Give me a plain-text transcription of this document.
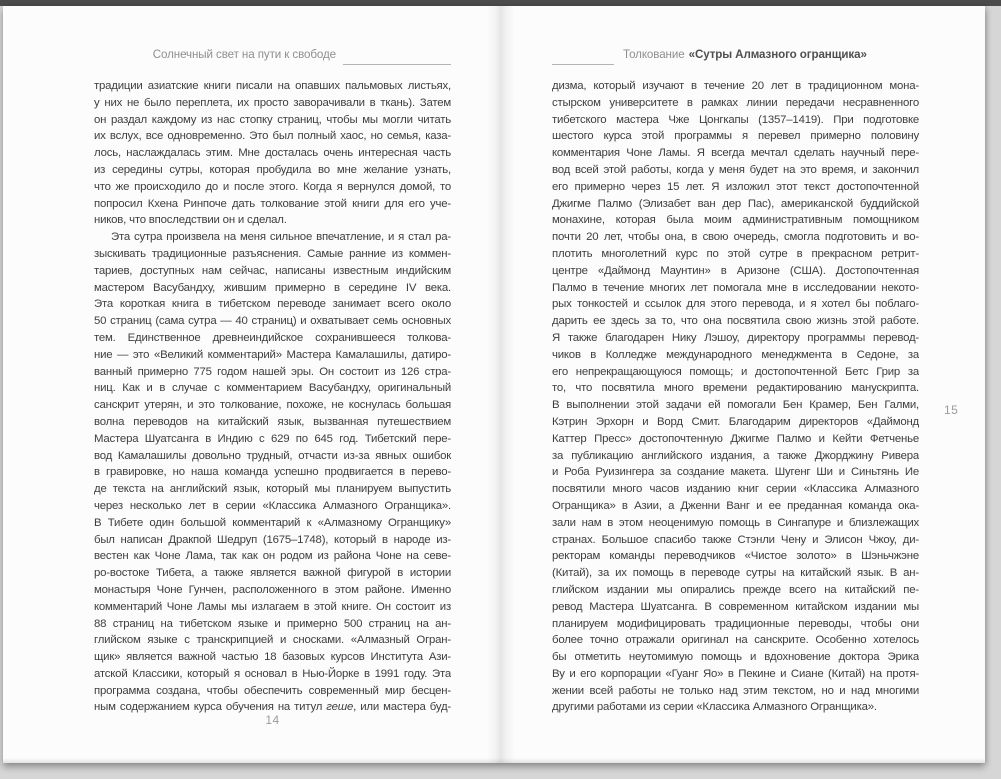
Солнечный свет на пути к свободе
традиции азиатские книги писали на опавших пальмовых листьях,
у них не было переплета, их просто заворачивали в ткань). Затем
он раздал каждому из нас стопку страниц, чтобы мы могли читать
их вслух, все одновременно. Это был полный хаос, но семья, каза-
лось, наслаждалась этим. Мне досталась очень интересная часть
из середины сутры, которая пробудила во мне желание узнать,
что же происходило до и после этого. Когда я вернулся домой, то
попросил Кхена Ринпоче дать толкование этой книги для его уче-
ников, что впоследствии он и сделал.
Эта сутра произвела на меня сильное впечатление, и я стал ра-
зыскивать традиционные разъяснения. Самые ранние из коммен-
тариев, доступных нам сейчас, написаны известным индийским
мастером Васубандху, жившим примерно в середине IV века.
Эта короткая книга в тибетском переводе занимает всего около
50 страниц (сама сутра — 40 страниц) и охватывает семь основных
тем. Единственное древнеиндийское сохранившееся толкова-
ние — это «Великий комментарий» Мастера Камалашилы, датиро-
ванный примерно 775 годом нашей эры. Он состоит из 126 стра-
ниц. Как и в случае с комментарием Васубандху, оригинальный
санскрит утерян, и это толкование, похоже, не коснулась большая
волна переводов на китайский язык, вызванная путешествием
Мастера Шуатсанга в Индию с 629 по 645 год. Тибетский пере-
вод Камалашилы довольно трудный, отчасти из-за явных ошибок
в гравировке, но наша команда успешно продвигается в перево-
де текста на английский язык, который мы планируем выпустить
через несколько лет в серии «Классика Алмазного Огранщика».
В Тибете один большой комментарий к «Алмазному Огранщику»
был написан Дракпой Шедруп (1675–1748), который в народе из-
вестен как Чоне Лама, так как он родом из района Чоне на севе-
ро-востоке Тибета, а также является важной фигурой в истории
монастыря Чоне Гунчен, расположенного в этом районе. Именно
комментарий Чоне Ламы мы излагаем в этой книге. Он состоит из
88 страниц на тибетском языке и примерно 500 страниц на ан-
глийском языке с транскрипцией и сносками. «Алмазный Огран-
щик» является важной частью 18 базовых курсов Института Ази-
атской Классики, который я основал в Нью-Йорке в 1991 году. Эта
программа создана, чтобы обеспечить современный мир бесцен-
ным содержанием курса обучения на титул геше, или мастера буд-
Толкование «Сутры Алмазного огранщика»
дизма, который изучают в течение 20 лет в традиционном мона-
стырском университете в рамках линии передачи несравненного
тибетского мастера Чже Цонгкапы (1357–1419). При подготовке
шестого курса этой программы я перевел примерно половину
комментария Чоне Ламы. Я всегда мечтал сделать научный пере-
вод всей этой работы, когда у меня будет на это время, и закончил
его примерно через 15 лет. Я изложил этот текст достопочтенной
Джигме Палмо (Элизабет ван дер Пас), американской буддийской
монахине, которая была моим административным помощником
почти 20 лет, чтобы она, в свою очередь, смогла подготовить и во-
плотить многолетний курс по этой сутре в прекрасном ретрит-
центре «Даймонд Маунтин» в Аризоне (США). Достопочтенная
Палмо в течение многих лет помогала мне в исследовании некото-
рых тонкостей и ссылок для этого перевода, и я хотел бы поблаго-
дарить ее здесь за то, что она посвятила свою жизнь этой работе.
Я также благодарен Нику Лэшоу, директору программы перевод-
чиков в Колледже международного менеджмента в Седоне, за
его непрекращающуюся помощь; и достопочтенной Бетс Грир за
то, что посвятила много времени редактированию манускрипта.
В выполнении этой задачи ей помогали Бен Крамер, Бен Галми,
Кэтрин Эрхорн и Ворд Смит. Благодарим директоров «Даймонд
Каттер Пресс» достопочтенную Джигме Палмо и Кейти Фетченье
за публикацию английского издания, а также Джорджину Ривера
и Роба Руизингера за создание макета. Шугенг Ши и Синьтянь Ие
посвятили много часов изданию книг серии «Классика Алмазного
Огранщика» в Азии, а Дженни Ванг и ее преданная команда ока-
зали нам в этом неоценимую помощь в Сингапуре и близлежащих
странах. Большое спасибо также Стэнли Чену и Элисон Чжоу, ди-
ректорам команды переводчиков «Чистое золото» в Шэньчжэне
(Китай), за их помощь в переводе сутры на китайский язык. В ан-
глийском издании мы опирались прежде всего на китайский пе-
ревод Мастера Шуатсанга. В современном китайском издании мы
планируем модифицировать традиционные переводы, чтобы они
более точно отражали оригинал на санскрите. Особенно хотелось
бы отметить неутомимую помощь и вдохновение доктора Эрика
Ву и его корпорации «Гуанг Яо» в Пекине и Сиане (Китай) на протя-
жении всей работы не только над этим текстом, но и над многими
другими работами из серии «Классика Алмазного Огранщика».
14
15
